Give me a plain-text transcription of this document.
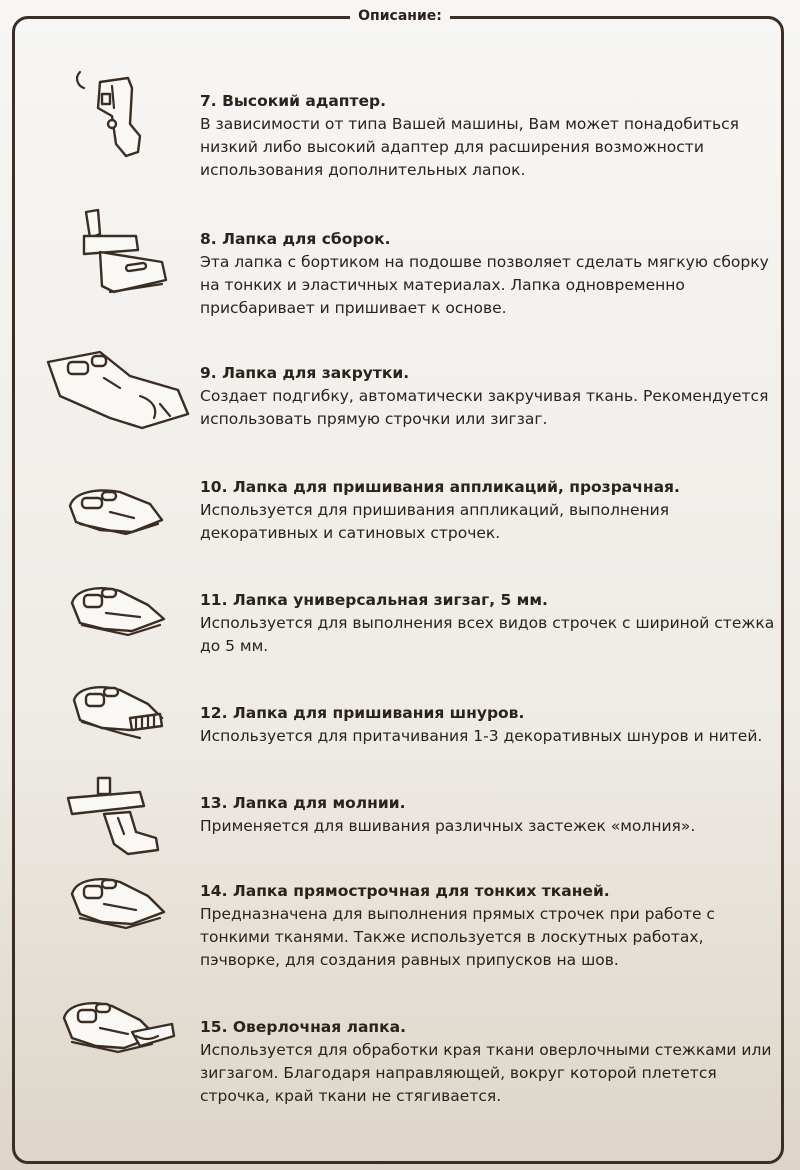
Описание:
7. Высокий адаптер.
В зависимости от типа Вашей машины, Вам может понадобиться низкий либо высокий адаптер для расширения возможности использования дополнительных лапок.
8. Лапка для сборок.
Эта лапка с бортиком на подошве позволяет сделать мягкую сборку на тонких и эластичных материалах. Лапка одновременно присбаривает и пришивает к основе.
9. Лапка для закрутки.
Создает подгибку, автоматически закручивая ткань. Рекомендуется использовать прямую строчки или зигзаг.
10. Лапка для пришивания аппликаций, прозрачная.
Используется для пришивания аппликаций, выполнения декоративных и сатиновых строчек.
11. Лапка универсальная зигзаг, 5 мм.
Используется для выполнения всех видов строчек с шириной стежка до 5 мм.
12. Лапка для пришивания шнуров.
Используется для притачивания 1-3 декоративных шнуров и нитей.
13. Лапка для молнии.
Применяется для вшивания различных застежек «молния».
14. Лапка прямострочная для тонких тканей.
Предназначена для выполнения прямых строчек при работе с тонкими тканями. Также используется в лоскутных работах, пэчворке, для создания равных припусков на шов.
15. Оверлочная лапка.
Используется для обработки края ткани оверлочными стежками или зигзагом. Благодаря направляющей, вокруг которой плетется строчка, край ткани не стягивается.
